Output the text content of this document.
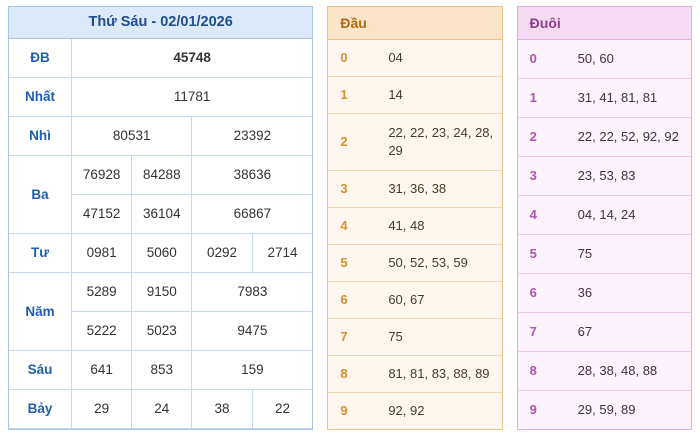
Thứ Sáu - 02/01/2026
ĐB	45748			
Nhất	11781			
Nhì	80531		23392	
Ba	76928	84288	38636	
	47152	36104	66867	
Tư	0981	5060	0292	2714
Năm	5289	9150	7983	
	5222	5023	9475	
Sáu	641	853	159	
Bảy	29	24	38	22
Đầu
0	04
1	14
2	22, 22, 23, 24, 28, 29
3	31, 36, 38
4	41, 48
5	50, 52, 53, 59
6	60, 67
7	75
8	81, 81, 83, 88, 89
9	92, 92
Đuôi
0	50, 60
1	31, 41, 81, 81
2	22, 22, 52, 92, 92
3	23, 53, 83
4	04, 14, 24
5	75
6	36
7	67
8	28, 38, 48, 88
9	29, 59, 89
